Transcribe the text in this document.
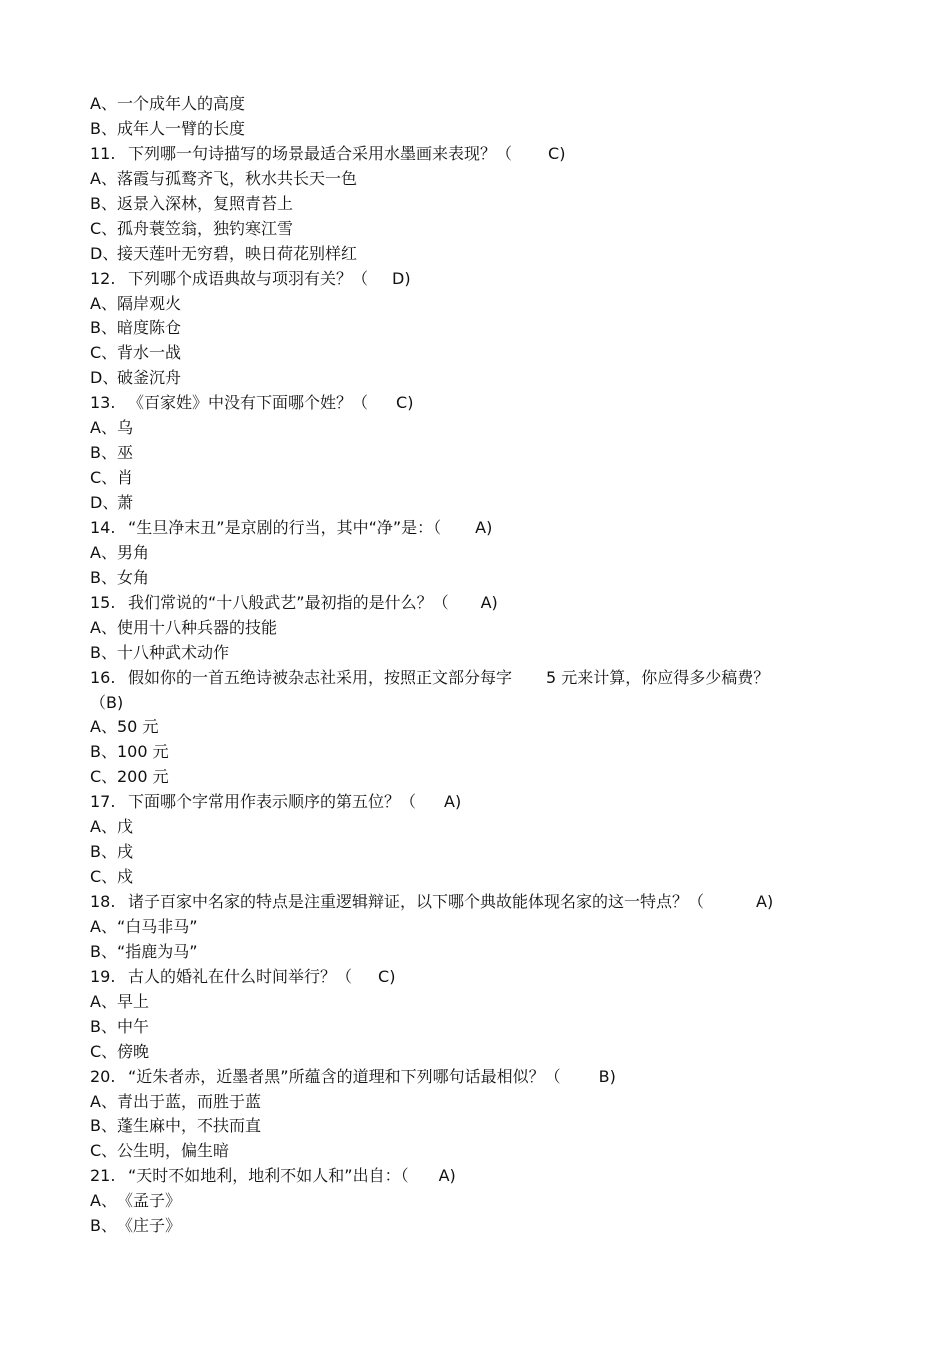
A、一个成年人的高度
B、成年人一臂的长度
11. 下列哪一句诗描写的场景最适合采用水墨画来表现？（ C)
A、落霞与孤鹜齐飞，秋水共长天一色
B、返景入深林，复照青苔上
C、孤舟蓑笠翁，独钓寒江雪
D、接天莲叶无穷碧，映日荷花别样红
12. 下列哪个成语典故与项羽有关？（ D)
A、隔岸观火
B、暗度陈仓
C、背水一战
D、破釜沉舟
13. 《百家姓》中没有下面哪个姓？（ C)
A、乌
B、巫
C、肖
D、萧
14. “生旦净末丑”是京剧的行当，其中“净”是：（ A)
A、男角
B、女角
15. 我们常说的“十八般武艺”最初指的是什么？（ A)
A、使用十八种兵器的技能
B、十八种武术动作
16. 假如你的一首五绝诗被杂志社采用，按照正文部分每字 5 元来计算，你应得多少稿费？
（B)
A、50 元
B、100 元
C、200 元
17. 下面哪个字常用作表示顺序的第五位？（ A)
A、戊
B、戌
C、戍
18. 诸子百家中名家的特点是注重逻辑辩证，以下哪个典故能体现名家的这一特点？（	A)
A、“白马非马”
B、“指鹿为马”
19. 古人的婚礼在什么时间举行？（ C)
A、早上
B、中午
C、傍晚
20. “近朱者赤，近墨者黑”所蕴含的道理和下列哪句话最相似？（ B)
A、青出于蓝，而胜于蓝
B、蓬生麻中，不扶而直
C、公生明，偏生暗
21. “天时不如地利，地利不如人和”出自：（ A)
A、《孟子》
B、《庄子》
